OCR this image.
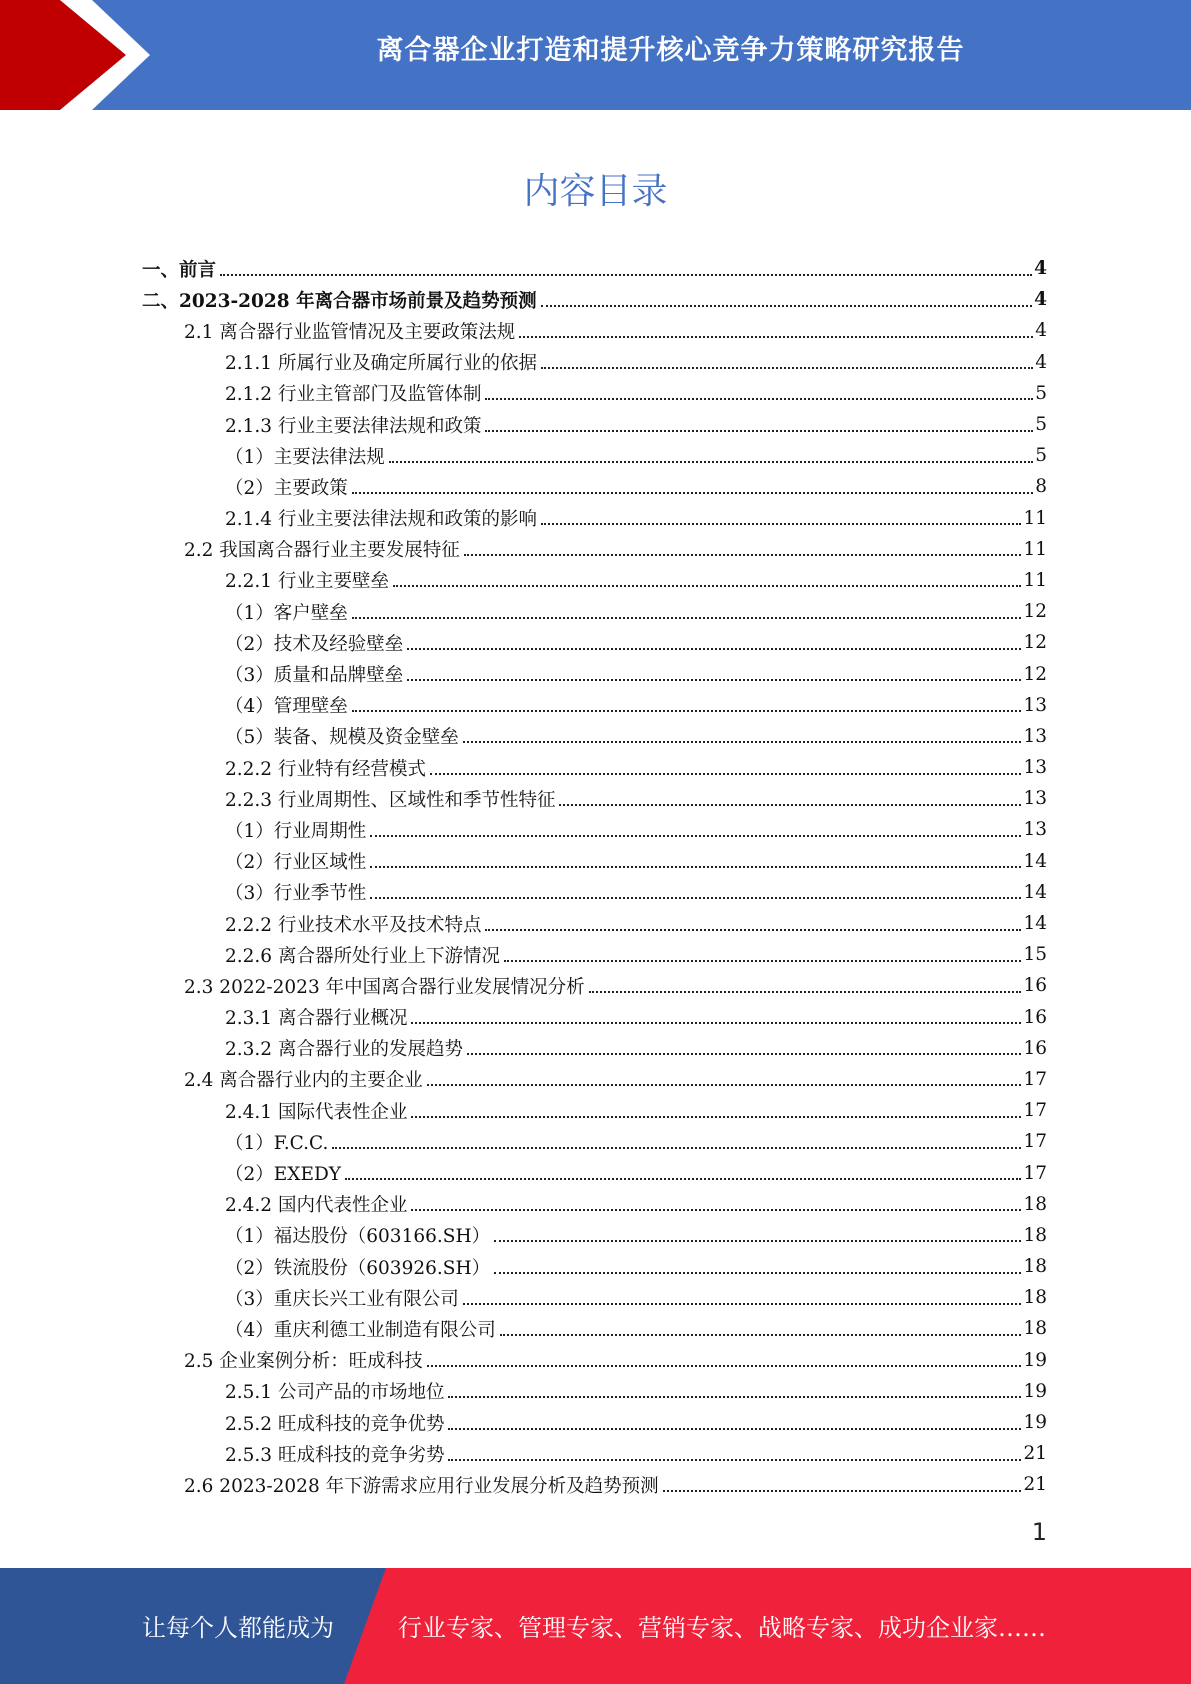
离合器企业打造和提升核心竞争力策略研究报告
内容目录
一、前言	4
二、2023-2028 年离合器市场前景及趋势预测	4
2.1 离合器行业监管情况及主要政策法规	4
2.1.1 所属行业及确定所属行业的依据	4
2.1.2 行业主管部门及监管体制	5
2.1.3 行业主要法律法规和政策	5
（1）主要法律法规	5
（2）主要政策	8
2.1.4 行业主要法律法规和政策的影响	11
2.2 我国离合器行业主要发展特征	11
2.2.1 行业主要壁垒	11
（1）客户壁垒	12
（2）技术及经验壁垒	12
（3）质量和品牌壁垒	12
（4）管理壁垒	13
（5）装备、规模及资金壁垒	13
2.2.2 行业特有经营模式	13
2.2.3 行业周期性、区域性和季节性特征	13
（1）行业周期性	13
（2）行业区域性	14
（3）行业季节性	14
2.2.2 行业技术水平及技术特点	14
2.2.6 离合器所处行业上下游情况	15
2.3 2022-2023 年中国离合器行业发展情况分析	16
2.3.1 离合器行业概况	16
2.3.2 离合器行业的发展趋势	16
2.4 离合器行业内的主要企业	17
2.4.1 国际代表性企业	17
（1）F.C.C.	17
（2）EXEDY	17
2.4.2 国内代表性企业	18
（1）福达股份（603166.SH）	18
（2）铁流股份（603926.SH）	18
（3）重庆长兴工业有限公司	18
（4）重庆利德工业制造有限公司	18
2.5 企业案例分析：旺成科技	19
2.5.1 公司产品的市场地位	19
2.5.2 旺成科技的竞争优势	19
2.5.3 旺成科技的竞争劣势	21
2.6 2023-2028 年下游需求应用行业发展分析及趋势预测	21
1
让每个人都能成为	行业专家、管理专家、营销专家、战略专家、成功企业家……
